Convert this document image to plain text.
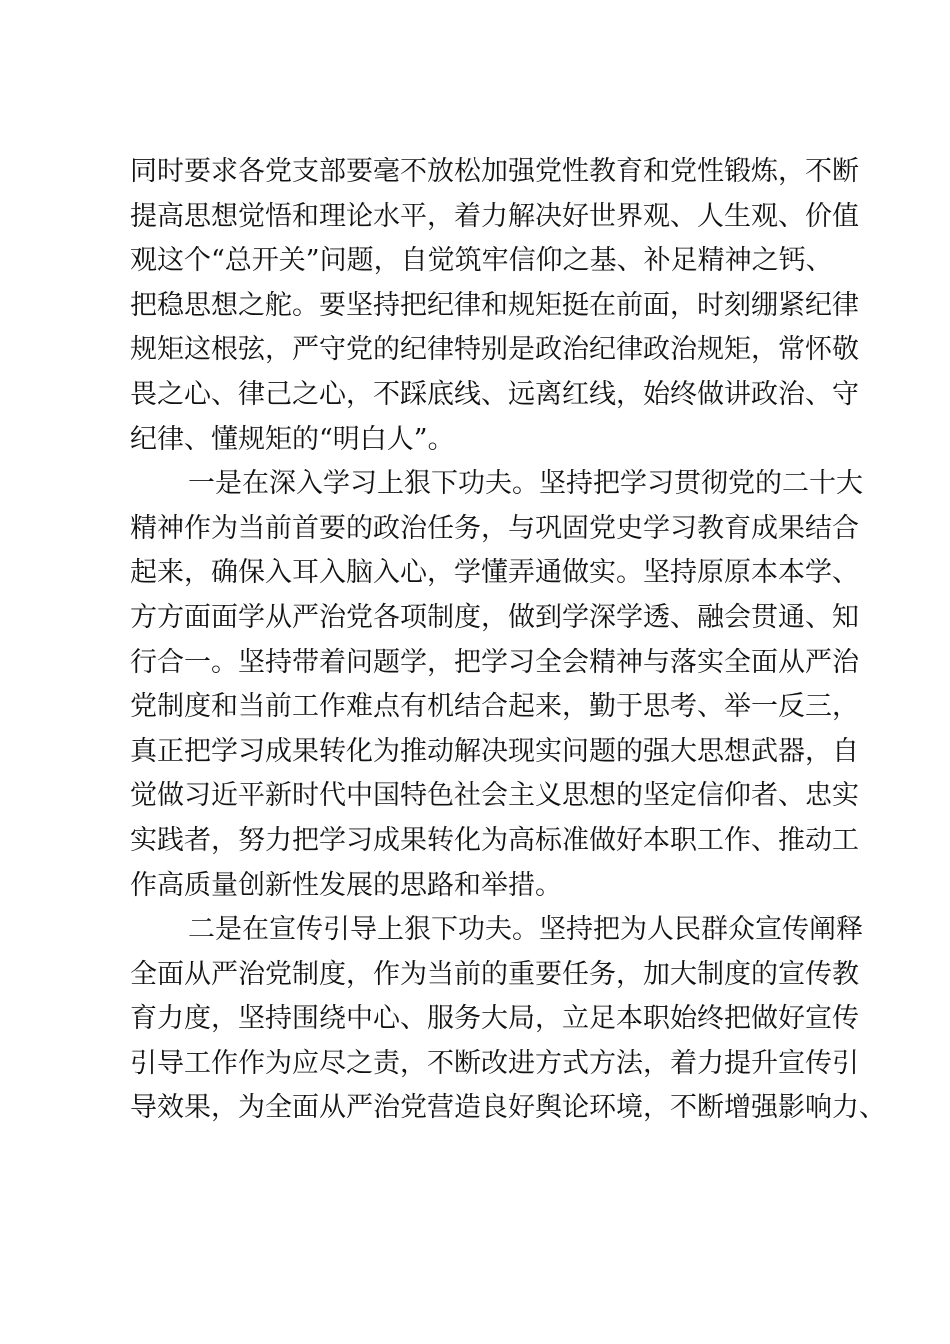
同时要求各党支部要毫不放松加强党性教育和党性锻炼，不断
提高思想觉悟和理论水平，着力解决好世界观、人生观、价值
观这个“总开关”问题，自觉筑牢信仰之基、补足精神之钙、
把稳思想之舵。要坚持把纪律和规矩挺在前面，时刻绷紧纪律
规矩这根弦，严守党的纪律特别是政治纪律政治规矩，常怀敬
畏之心、律己之心，不踩底线、远离红线，始终做讲政治、守
纪律、懂规矩的“明白人”。
一是在深入学习上狠下功夫。坚持把学习贯彻党的二十大
精神作为当前首要的政治任务，与巩固党史学习教育成果结合
起来，确保入耳入脑入心，学懂弄通做实。坚持原原本本学、
方方面面学从严治党各项制度，做到学深学透、融会贯通、知
行合一。坚持带着问题学，把学习全会精神与落实全面从严治
党制度和当前工作难点有机结合起来，勤于思考、举一反三，
真正把学习成果转化为推动解决现实问题的强大思想武器，自
觉做习近平新时代中国特色社会主义思想的坚定信仰者、忠实
实践者，努力把学习成果转化为高标准做好本职工作、推动工
作高质量创新性发展的思路和举措。
二是在宣传引导上狠下功夫。坚持把为人民群众宣传阐释
全面从严治党制度，作为当前的重要任务，加大制度的宣传教
育力度，坚持围绕中心、服务大局，立足本职始终把做好宣传
引导工作作为应尽之责，不断改进方式方法，着力提升宣传引
导效果，为全面从严治党营造良好舆论环境，不断增强影响力、
